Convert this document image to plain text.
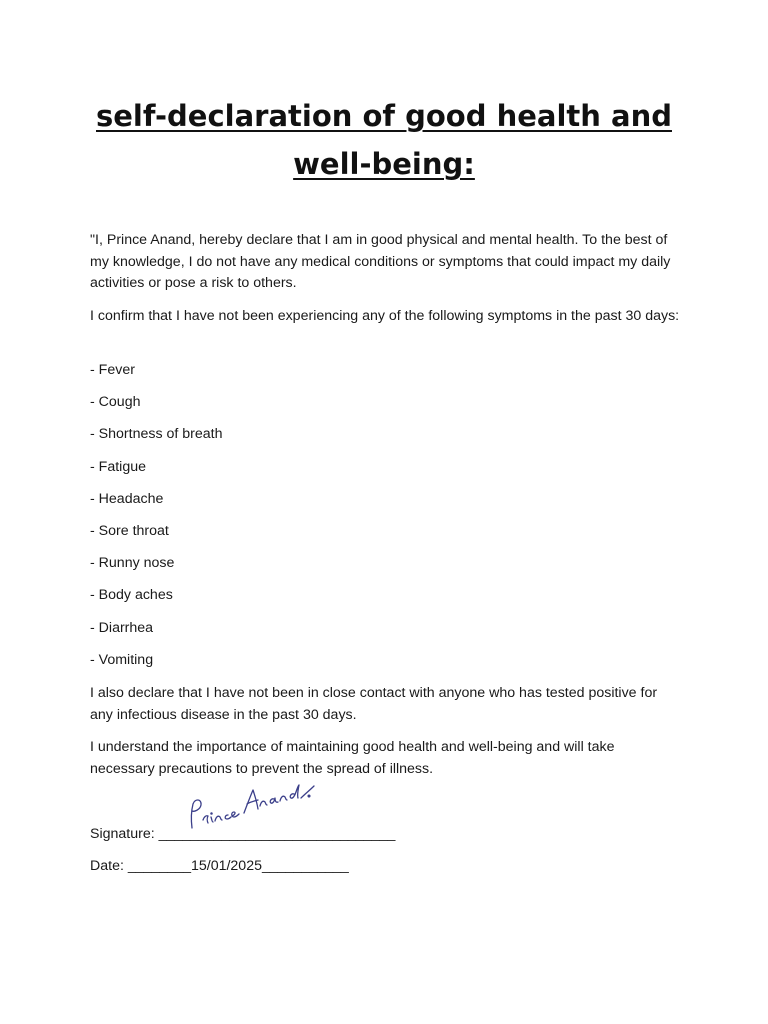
self-declaration of good health and well-being:

"I, Prince Anand, hereby declare that I am in good physical and mental health. To the best of my knowledge, I do not have any medical conditions or symptoms that could impact my daily activities or pose a risk to others.

I confirm that I have not been experiencing any of the following symptoms in the past 30 days:

- Fever

- Cough

- Shortness of breath

- Fatigue

- Headache

- Sore throat

- Runny nose

- Body aches

- Diarrhea

- Vomiting

I also declare that I have not been in close contact with anyone who has tested positive for any infectious disease in the past 30 days.

I understand the importance of maintaining good health and well-being and will take necessary precautions to prevent the spread of illness.

Signature: ______________________________

Date: ________15/01/2025___________
